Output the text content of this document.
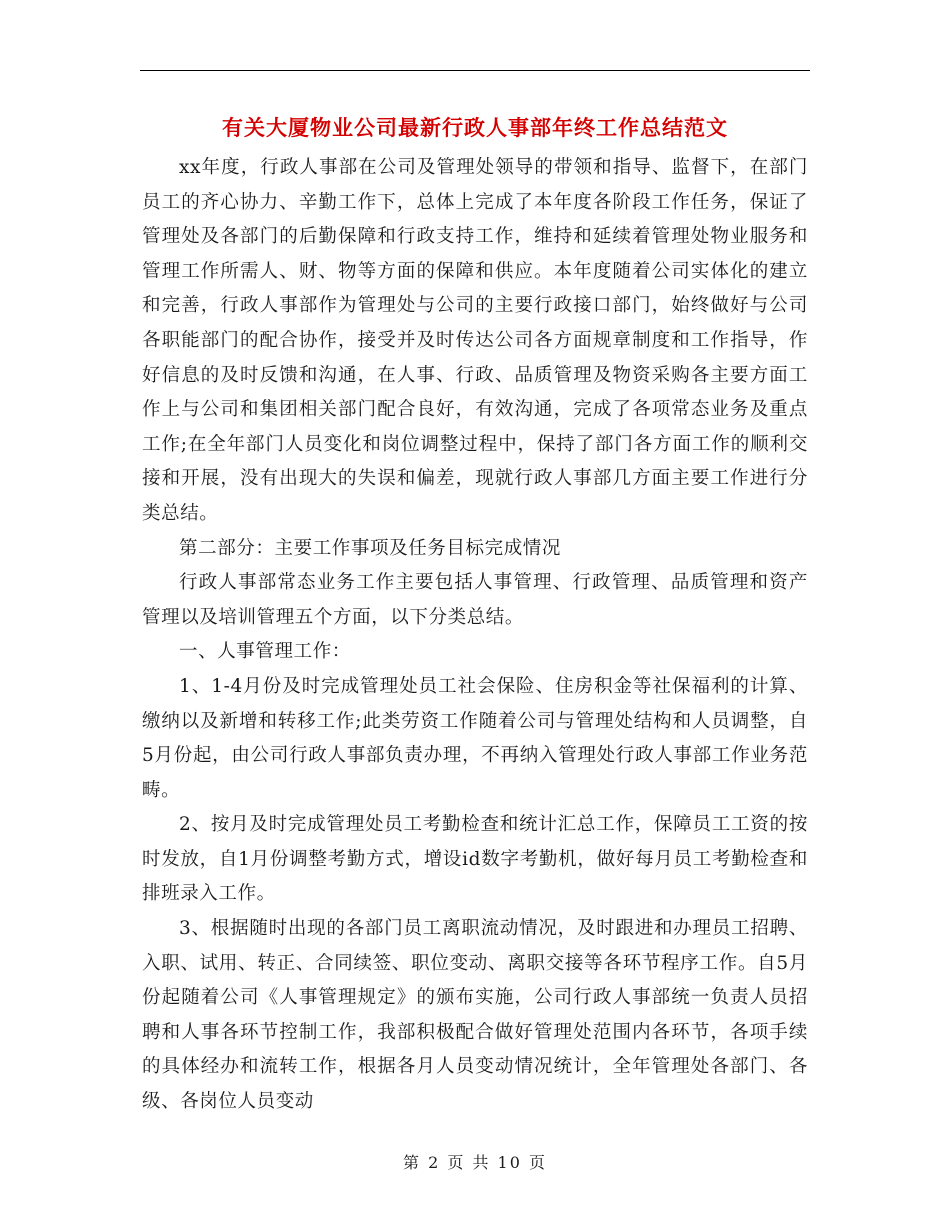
有关大厦物业公司最新行政人事部年终工作总结范文

xx年度，行政人事部在公司及管理处领导的带领和指导、监督下，在部门员工的齐心协力、辛勤工作下，总体上完成了本年度各阶段工作任务，保证了管理处及各部门的后勤保障和行政支持工作，维持和延续着管理处物业服务和管理工作所需人、财、物等方面的保障和供应。本年度随着公司实体化的建立和完善，行政人事部作为管理处与公司的主要行政接口部门，始终做好与公司各职能部门的配合协作，接受并及时传达公司各方面规章制度和工作指导，作好信息的及时反馈和沟通，在人事、行政、品质管理及物资采购各主要方面工作上与公司和集团相关部门配合良好，有效沟通，完成了各项常态业务及重点工作;在全年部门人员变化和岗位调整过程中，保持了部门各方面工作的顺利交接和开展，没有出现大的失误和偏差，现就行政人事部几方面主要工作进行分类总结。

第二部分：主要工作事项及任务目标完成情况

行政人事部常态业务工作主要包括人事管理、行政管理、品质管理和资产管理以及培训管理五个方面，以下分类总结。

一、人事管理工作：

1、1-4月份及时完成管理处员工社会保险、住房积金等社保福利的计算、缴纳以及新增和转移工作;此类劳资工作随着公司与管理处结构和人员调整，自5月份起，由公司行政人事部负责办理，不再纳入管理处行政人事部工作业务范畴。

2、按月及时完成管理处员工考勤检查和统计汇总工作，保障员工工资的按时发放，自1月份调整考勤方式，增设id数字考勤机，做好每月员工考勤检查和排班录入工作。

3、根据随时出现的各部门员工离职流动情况，及时跟进和办理员工招聘、入职、试用、转正、合同续签、职位变动、离职交接等各环节程序工作。自5月份起随着公司《人事管理规定》的颁布实施，公司行政人事部统一负责人员招聘和人事各环节控制工作，我部积极配合做好管理处范围内各环节，各项手续的具体经办和流转工作，根据各月人员变动情况统计，全年管理处各部门、各级、各岗位人员变动

第 2 页 共 10 页
